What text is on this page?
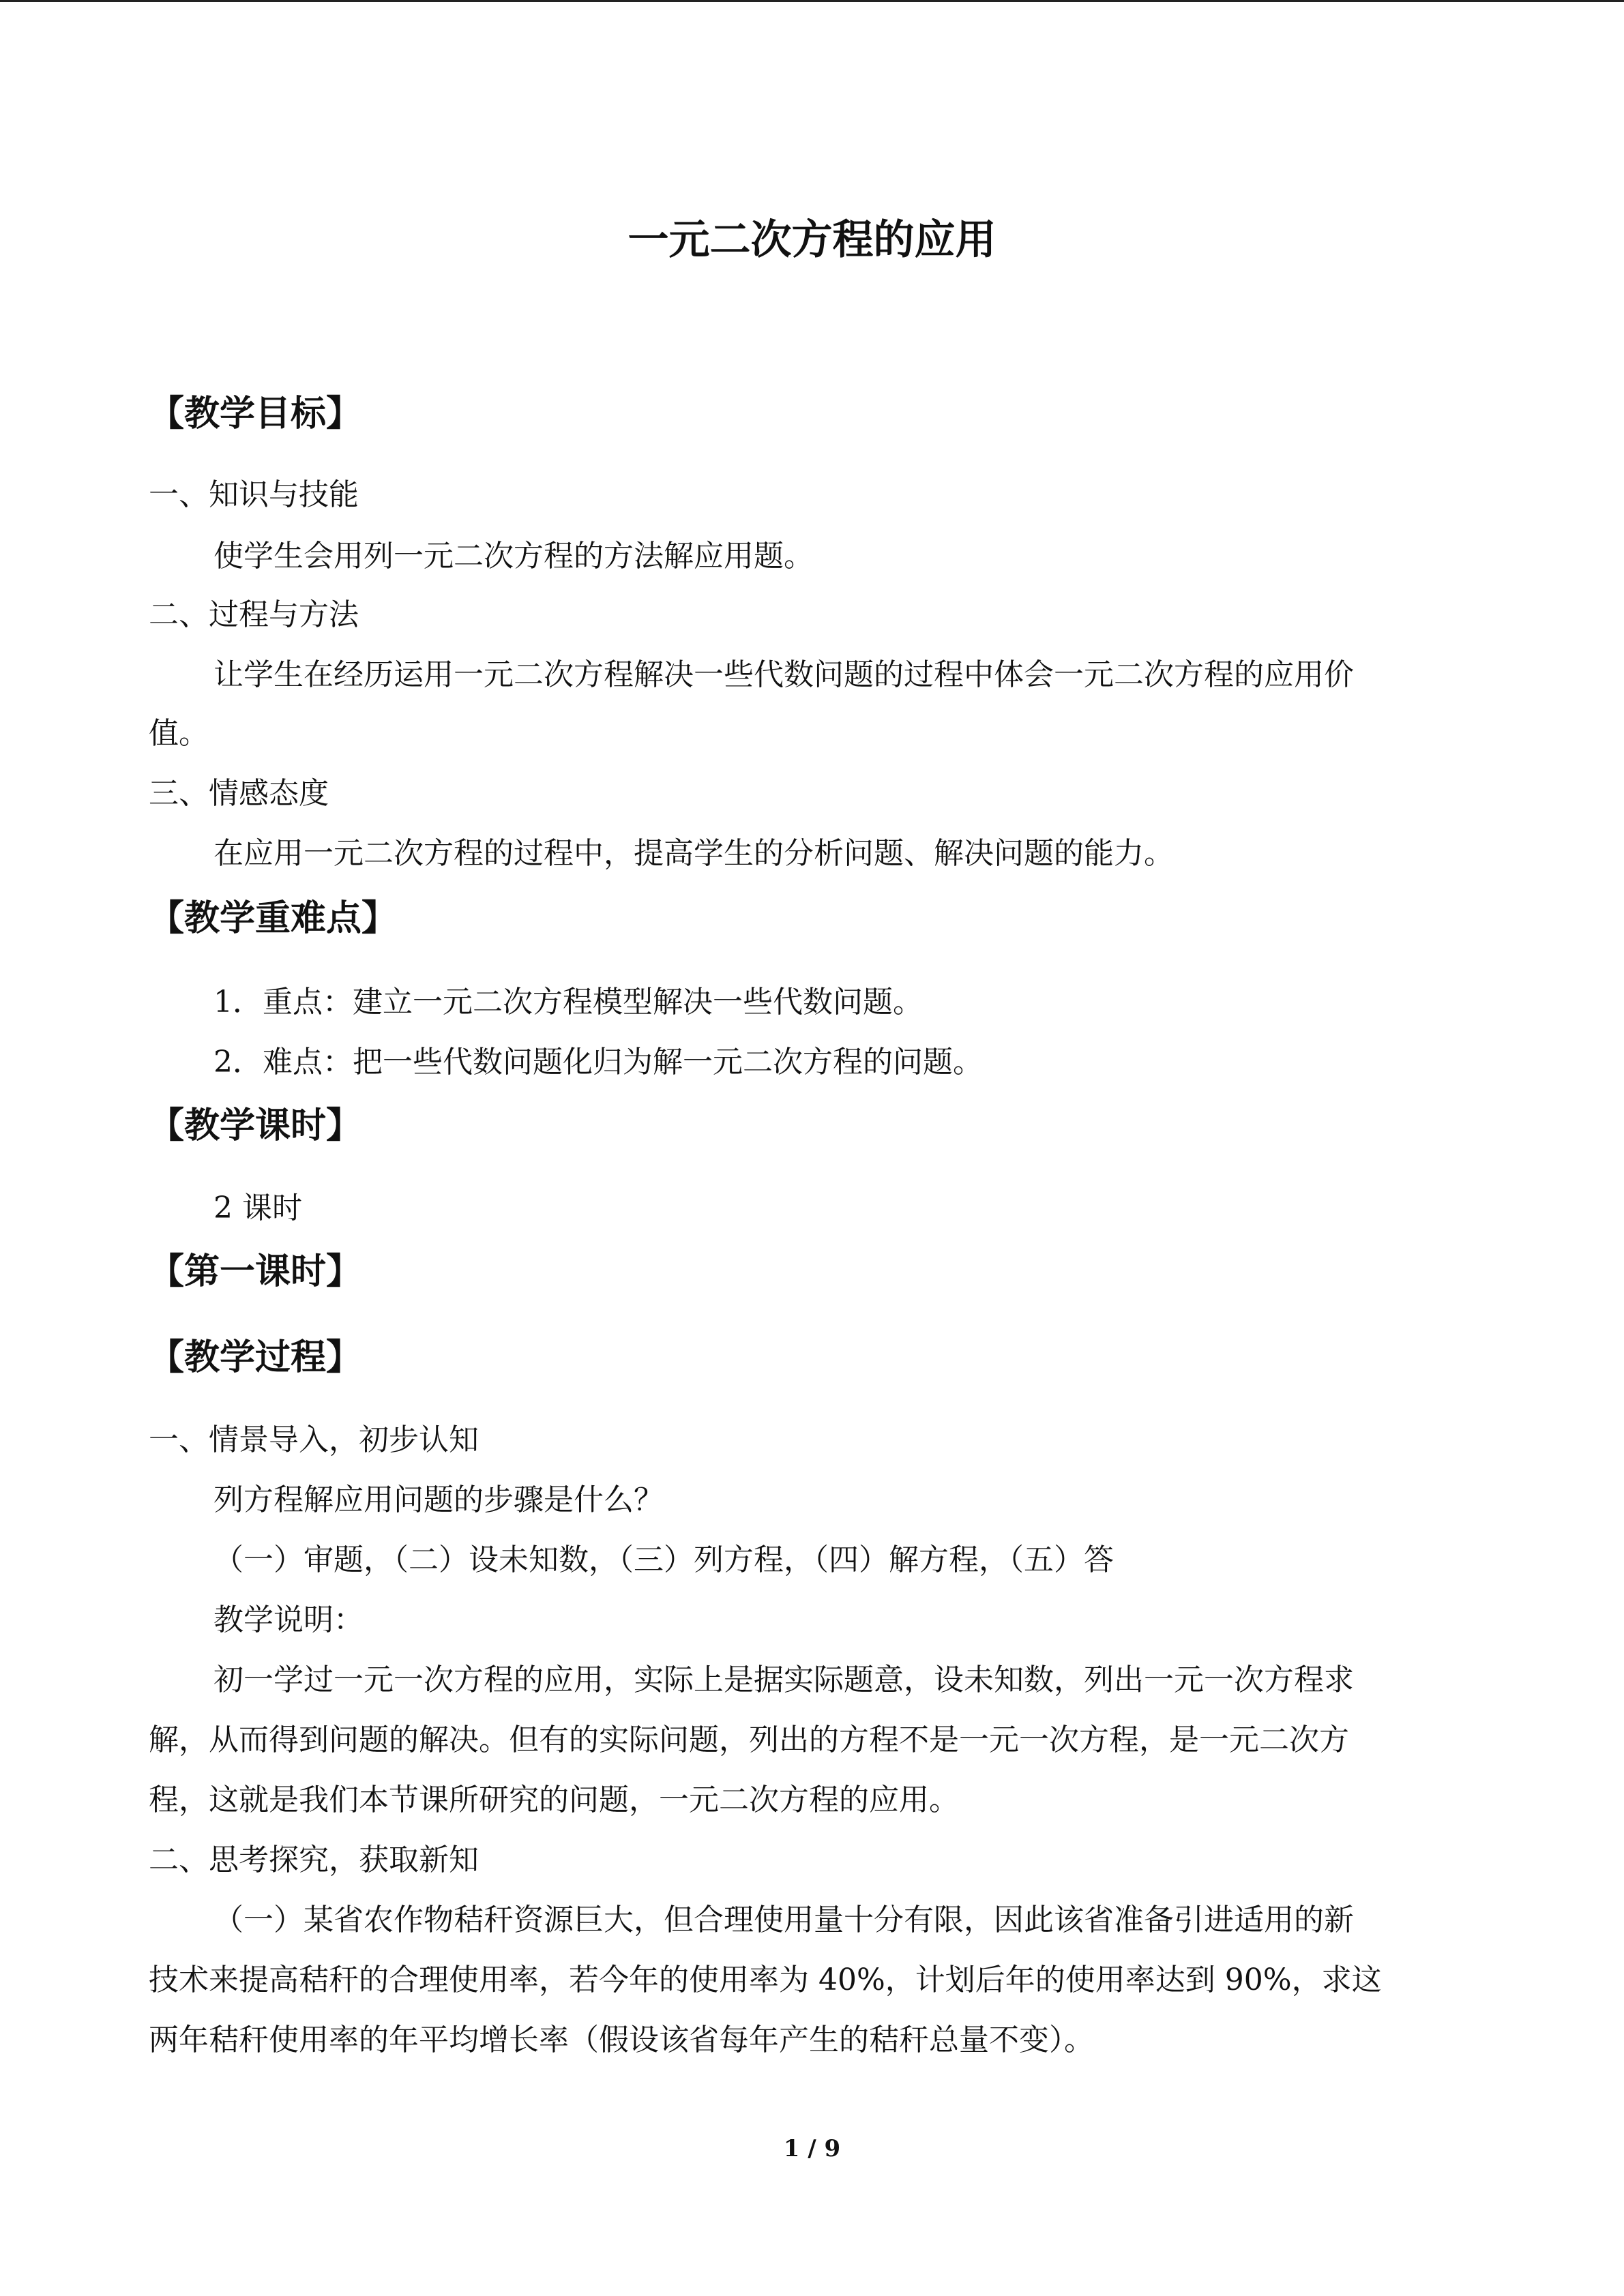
一元二次方程的应用
【教学目标】
一、知识与技能
使学生会用列一元二次方程的方法解应用题。
二、过程与方法
让学生在经历运用一元二次方程解决一些代数问题的过程中体会一元二次方程的应用价
值。
三、情感态度
在应用一元二次方程的过程中，提高学生的分析问题、解决问题的能力。
【教学重难点】
1．重点：建立一元二次方程模型解决一些代数问题。
2．难点：把一些代数问题化归为解一元二次方程的问题。
【教学课时】
2 课时
【第一课时】
【教学过程】
一、情景导入，初步认知
列方程解应用问题的步骤是什么？
（一）审题，（二）设未知数，（三）列方程，（四）解方程，（五）答
教学说明：
初一学过一元一次方程的应用，实际上是据实际题意，设未知数，列出一元一次方程求
解，从而得到问题的解决。但有的实际问题，列出的方程不是一元一次方程，是一元二次方
程，这就是我们本节课所研究的问题，一元二次方程的应用。
二、思考探究，获取新知
（一）某省农作物秸秆资源巨大，但合理使用量十分有限，因此该省准备引进适用的新
技术来提高秸秆的合理使用率，若今年的使用率为 40%，计划后年的使用率达到 90%，求这
两年秸秆使用率的年平均增长率（假设该省每年产生的秸秆总量不变）。
1 / 9
